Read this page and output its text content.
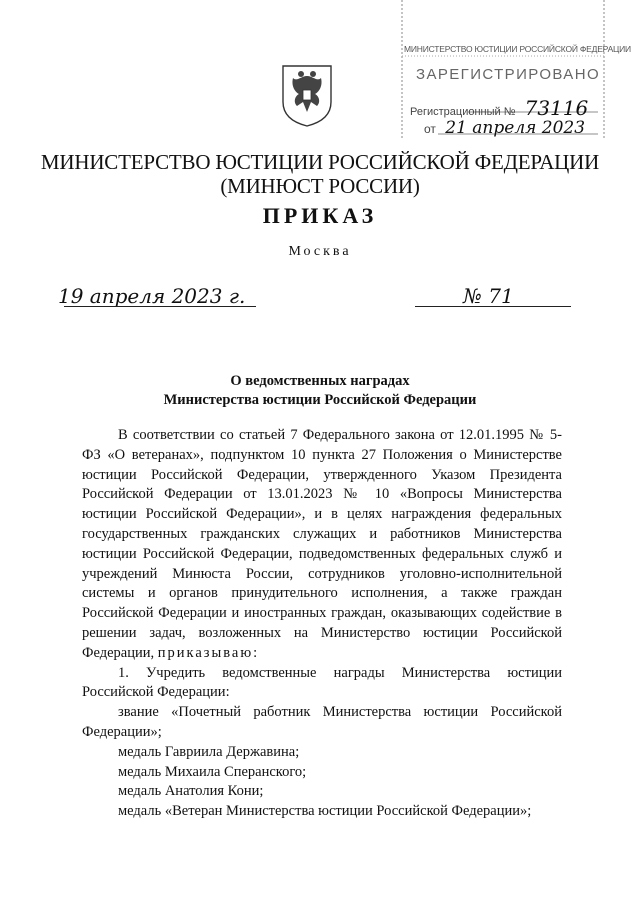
МИНИСТЕРСТВО ЮСТИЦИИ РОССИЙСКОЙ ФЕДЕРАЦИИ
ЗАРЕГИСТРИРОВАНО
Регистрационный № 73116
от 21 апреля 2023
МИНИСТЕРСТВО ЮСТИЦИИ РОССИЙСКОЙ ФЕДЕРАЦИИ
(МИНЮСТ РОССИИ)
ПРИКАЗ
Москва
19 апреля 2023 г.	№ 71
О ведомственных наградах
Министерства юстиции Российской Федерации

В соответствии со статьей 7 Федерального закона от 12.01.1995 № 5-ФЗ «О ветеранах», подпунктом 10 пункта 27 Положения о Министерстве юстиции Российской Федерации, утвержденного Указом Президента Российской Федерации от 13.01.2023 № 10 «Вопросы Министерства юстиции Российской Федерации», и в целях награждения федеральных государственных гражданских служащих и работников Министерства юстиции Российской Федерации, подведомственных федеральных служб и учреждений Минюста России, сотрудников уголовно-исполнительной системы и органов принудительного исполнения, а также граждан Российской Федерации и иностранных граждан, оказывающих содействие в решении задач, возложенных на Министерство юстиции Российской Федерации, приказываю:

1. Учредить ведомственные награды Министерства юстиции Российской Федерации:

звание «Почетный работник Министерства юстиции Российской Федерации»;

медаль Гавриила Державина;

медаль Михаила Сперанского;

медаль Анатолия Кони;

медаль «Ветеран Министерства юстиции Российской Федерации»;
